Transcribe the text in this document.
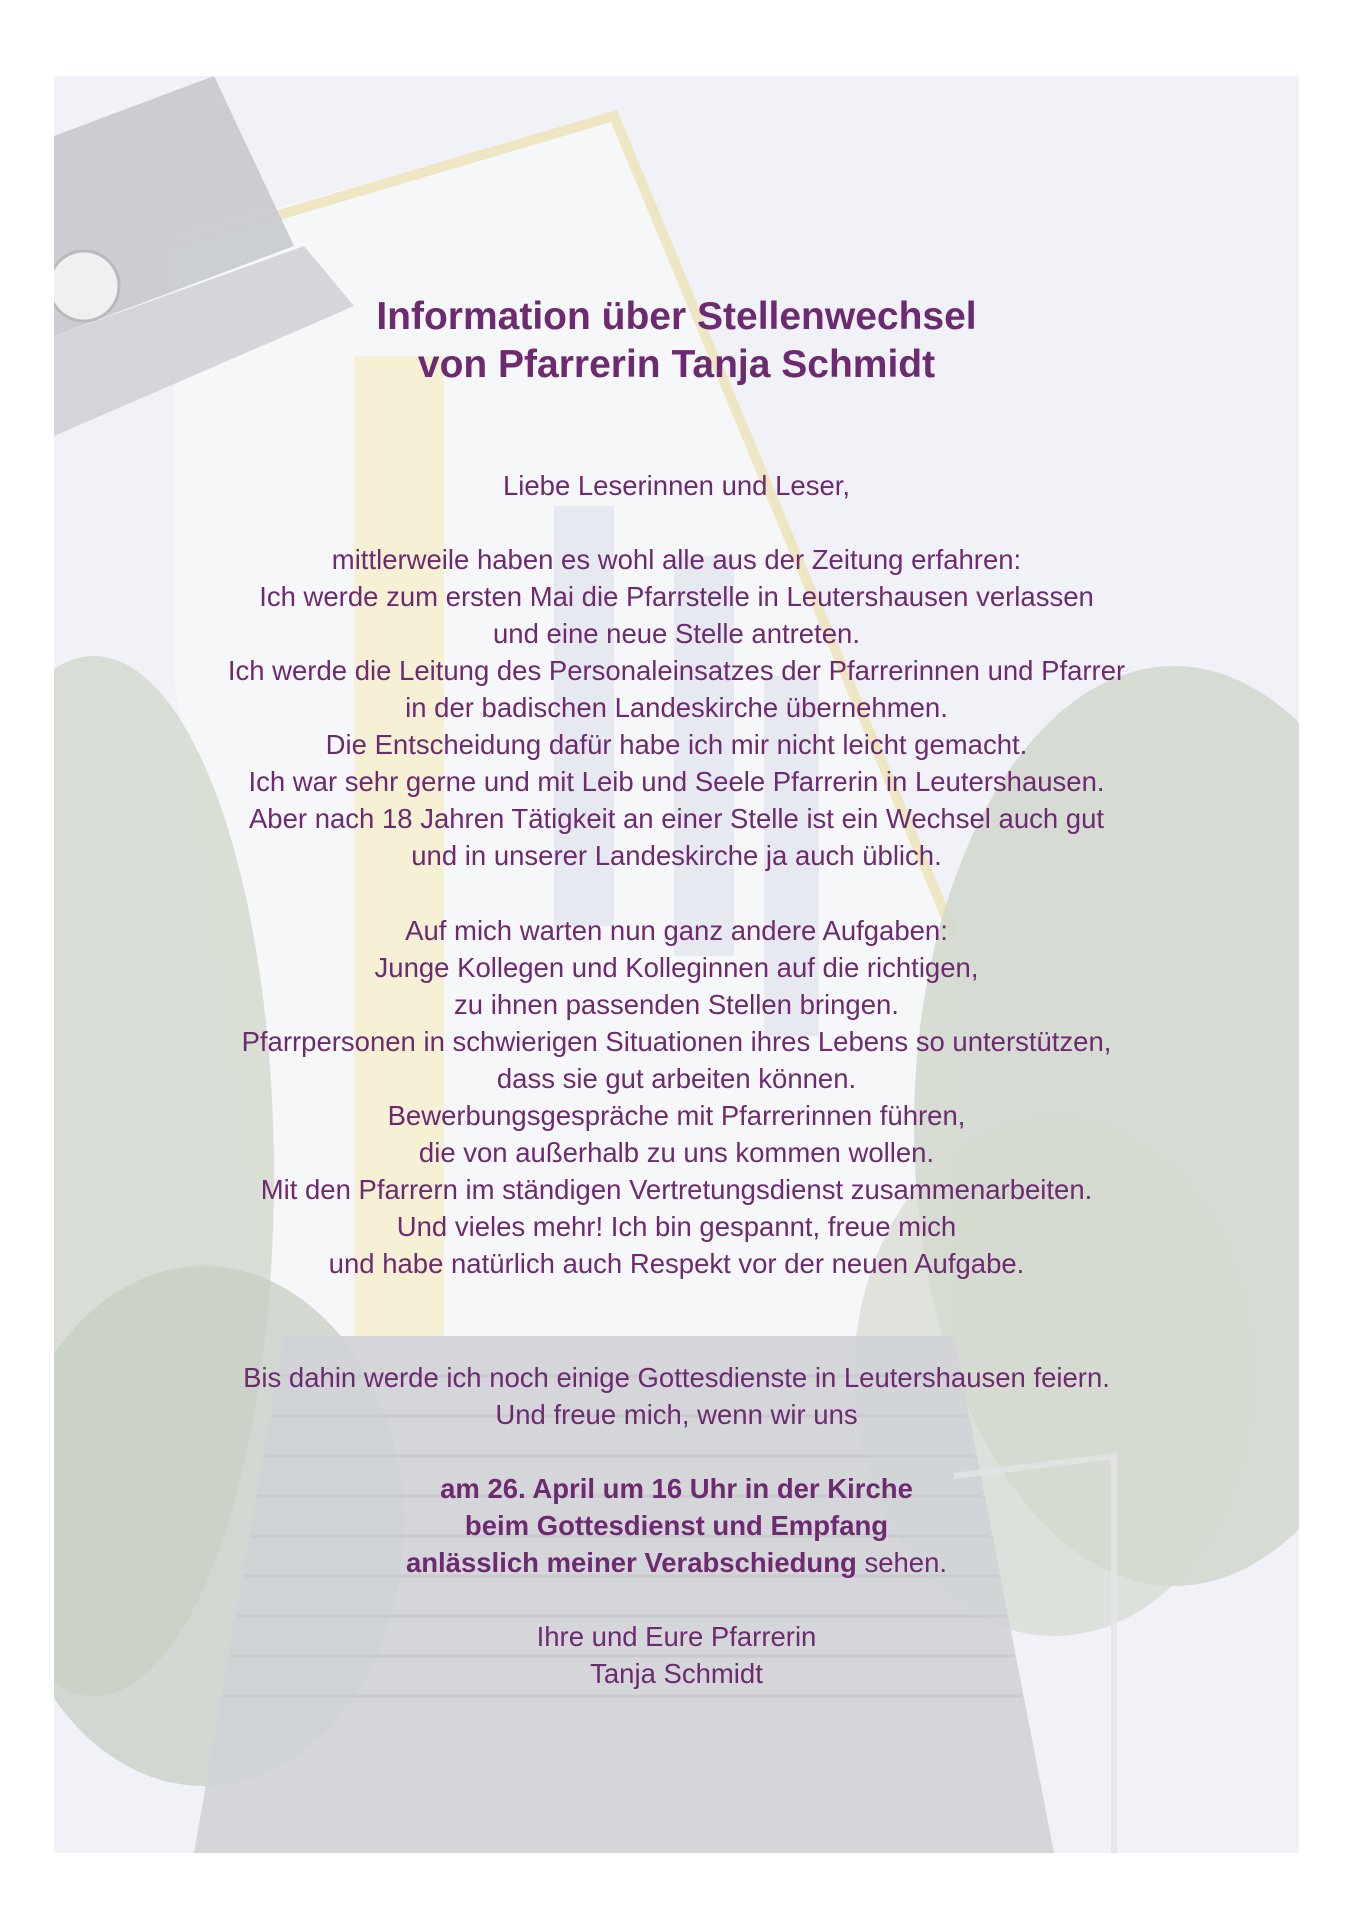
Information über Stellenwechsel
von Pfarrerin Tanja Schmidt
Liebe Leserinnen und Leser,
mittlerweile haben es wohl alle aus der Zeitung erfahren:
Ich werde zum ersten Mai die Pfarrstelle in Leutershausen verlassen
und eine neue Stelle antreten.
Ich werde die Leitung des Personaleinsatzes der Pfarrerinnen und Pfarrer
in der badischen Landeskirche übernehmen.
Die Entscheidung dafür habe ich mir nicht leicht gemacht.
Ich war sehr gerne und mit Leib und Seele Pfarrerin in Leutershausen.
Aber nach 18 Jahren Tätigkeit an einer Stelle ist ein Wechsel auch gut
und in unserer Landeskirche ja auch üblich.
Auf mich warten nun ganz andere Aufgaben:
Junge Kollegen und Kolleginnen auf die richtigen,
zu ihnen passenden Stellen bringen.
Pfarrpersonen in schwierigen Situationen ihres Lebens so unterstützen,
dass sie gut arbeiten können.
Bewerbungsgespräche mit Pfarrerinnen führen,
die von außerhalb zu uns kommen wollen.
Mit den Pfarrern im ständigen Vertretungsdienst zusammenarbeiten.
Und vieles mehr! Ich bin gespannt, freue mich
und habe natürlich auch Respekt vor der neuen Aufgabe.
Bis dahin werde ich noch einige Gottesdienste in Leutershausen feiern.
Und freue mich, wenn wir uns
am 26. April um 16 Uhr in der Kirche
beim Gottesdienst und Empfang
anlässlich meiner Verabschiedung sehen.
Ihre und Eure Pfarrerin
Tanja Schmidt
